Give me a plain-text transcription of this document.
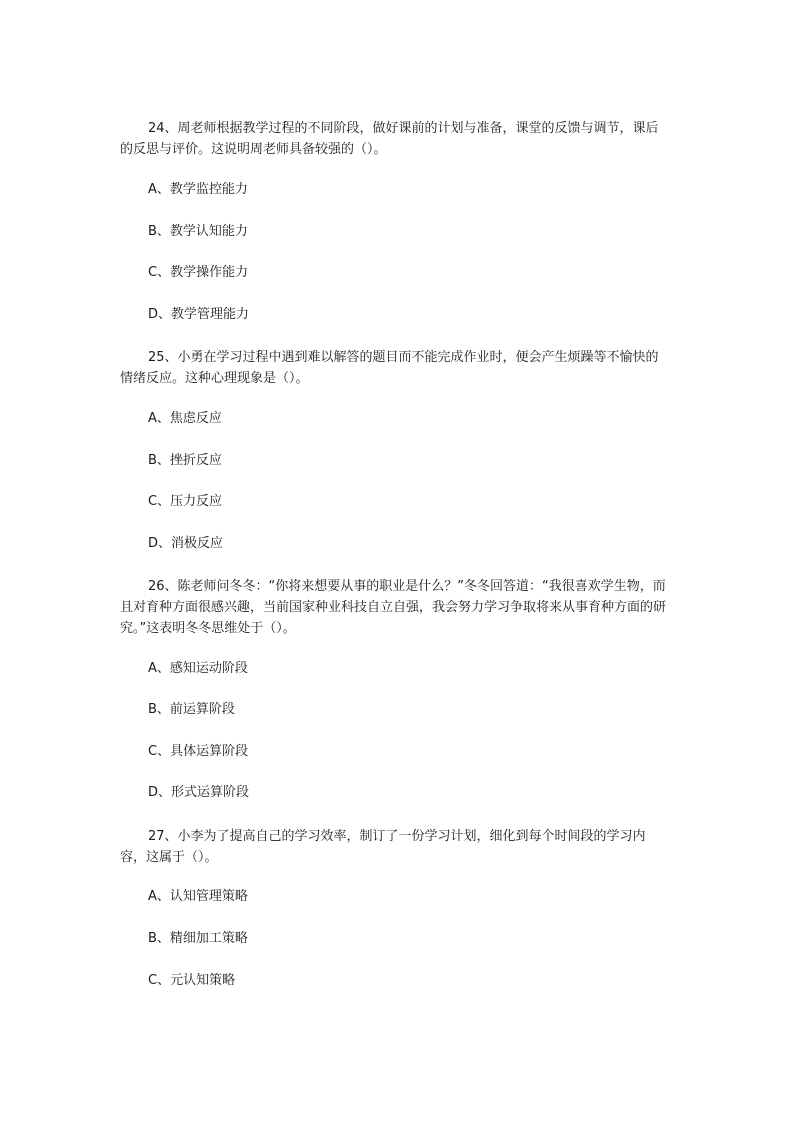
24、周老师根据教学过程的不同阶段，做好课前的计划与准备，课堂的反馈与调节，课后的反思与评价。这说明周老师具备较强的（）。

A、教学监控能力

B、教学认知能力

C、教学操作能力

D、教学管理能力

25、小勇在学习过程中遇到难以解答的题目而不能完成作业时，便会产生烦躁等不愉快的情绪反应。这种心理现象是（）。

A、焦虑反应

B、挫折反应

C、压力反应

D、消极反应

26、陈老师问冬冬：“你将来想要从事的职业是什么？”冬冬回答道：“我很喜欢学生物，而且对育种方面很感兴趣，当前国家种业科技自立自强，我会努力学习争取将来从事育种方面的研究。”这表明冬冬思维处于（）。

A、感知运动阶段

B、前运算阶段

C、具体运算阶段

D、形式运算阶段

27、小李为了提高自己的学习效率，制订了一份学习计划，细化到每个时间段的学习内容，这属于（）。

A、认知管理策略

B、精细加工策略

C、元认知策略
